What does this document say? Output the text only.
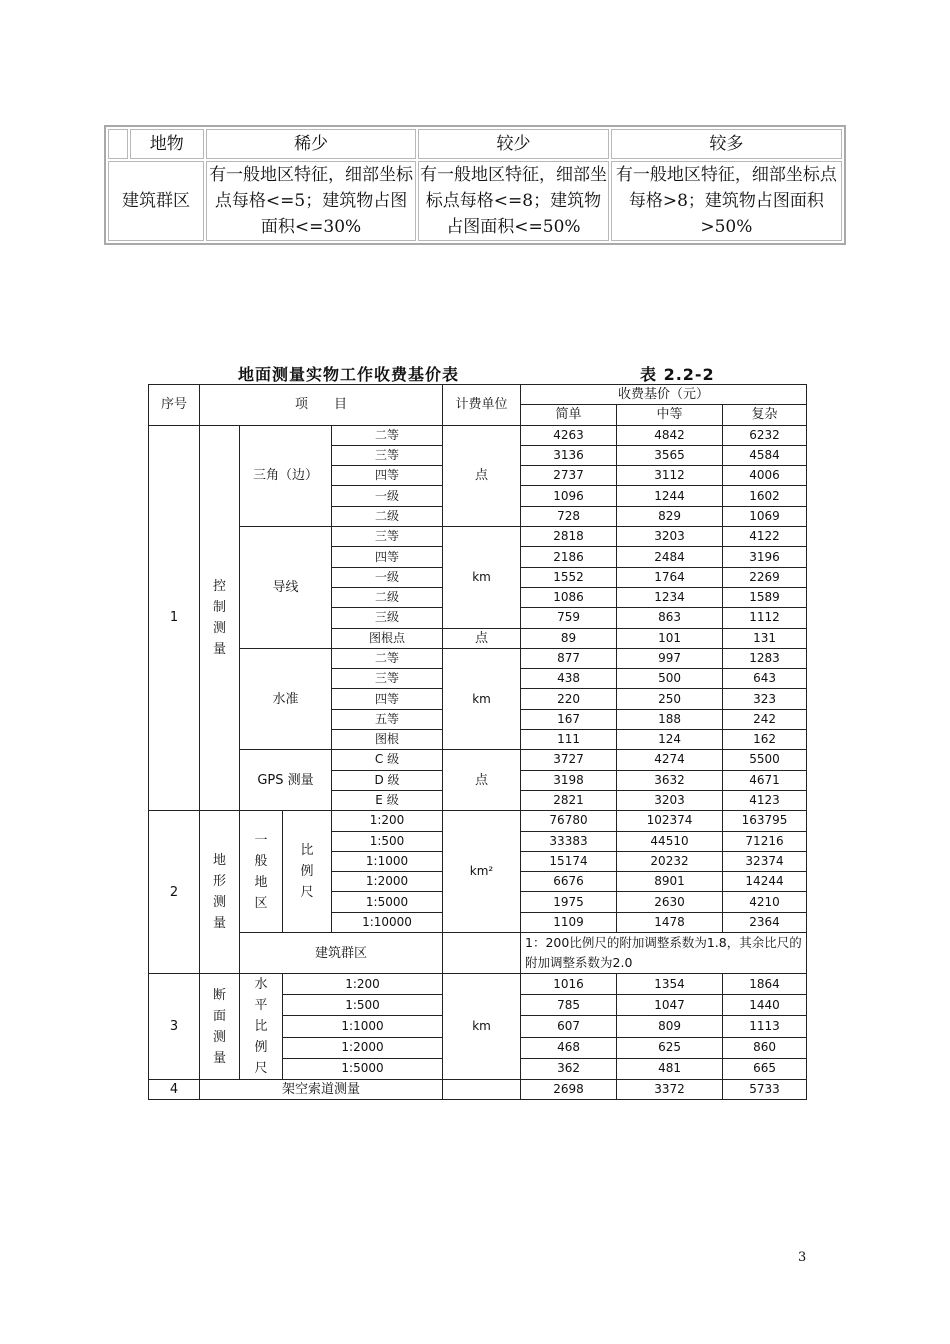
	地物	稀少	较少	较多
建筑群区		有一般地区特征，细部坐标点每格<=5；建筑物占图面积<=30%	有一般地区特征，细部坐标点每格<=8；建筑物占图面积<=50%	有一般地区特征，细部坐标点每格>8；建筑物占图面积>50%
地面测量实物工作收费基价表	表 2.2-2
序号	项　　目				计费单位	收费基价（元）		
						简单	中等	复杂
1	控制测量	三角（边）		二等	点	4263	4842	6232
				三等		3136	3565	4584
				四等		2737	3112	4006
				一级		1096	1244	1602
				二级		728	829	1069
		导线		三等	km	2818	3203	4122
				四等		2186	2484	3196
				一级		1552	1764	2269
				二级		1086	1234	1589
				三级		759	863	1112
				图根点	点	89	101	131
		水准		二等	km	877	997	1283
				三等		438	500	643
				四等		220	250	323
				五等		167	188	242
				图根		111	124	162
		GPS 测量		C 级	点	3727	4274	5500
				D 级		3198	3632	4671
				E 级		2821	3203	4123
2	地形测量	一般地区	比例尺	1:200	km²	76780	102374	163795
				1:500		33383	44510	71216
				1:1000		15174	20232	32374
				1:2000		6676	8901	14244
				1:5000		1975	2630	4210
				1:10000		1109	1478	2364
		建筑群区				1：200比例尺的附加调整系数为1.8，其余比尺的附加调整系数为2.0		

3	断面测量	水平比例尺	1:200		km	1016	1354	1864
			1:500			785	1047	1440
			1:1000			607	809	1113
			1:2000			468	625	860
			1:5000			362	481	665
4	架空索道测量					2698	3372	5733
3
